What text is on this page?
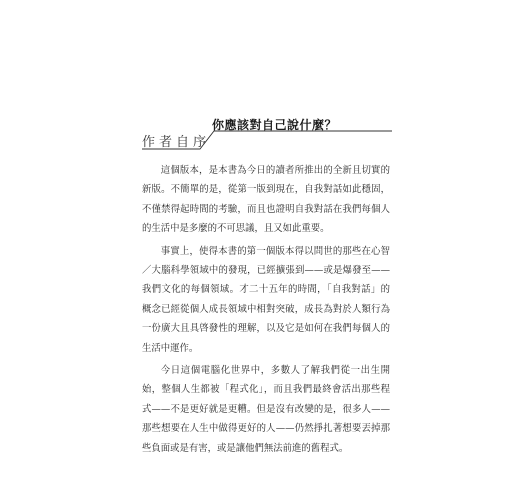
你應該對自己說什麼？
作者自序

這個版本，是本書為今日的讀者所推出的全新且切實的新版。不簡單的是，從第一版到現在，自我對話如此穩固，不僅禁得起時間的考驗，而且也證明自我對話在我們每個人的生活中是多麼的不可思議，且又如此重要。

事實上，使得本書的第一個版本得以問世的那些在心智／大腦科學領域中的發現，已經擴張到——或是爆發至——我們文化的每個領域。才二十五年的時間，「自我對話」的概念已經從個人成長領域中相對突破，成長為對於人類行為一份廣大且具啓發性的理解，以及它是如何在我們每個人的生活中運作。

今日這個電腦化世界中，多數人了解我們從一出生開始，整個人生都被「程式化」，而且我們最終會活出那些程式——不是更好就是更糟。但是沒有改變的是，很多人——那些想要在人生中做得更好的人——仍然掙扎著想要丟掉那些負面或是有害，或是讓他們無法前進的舊程式。
